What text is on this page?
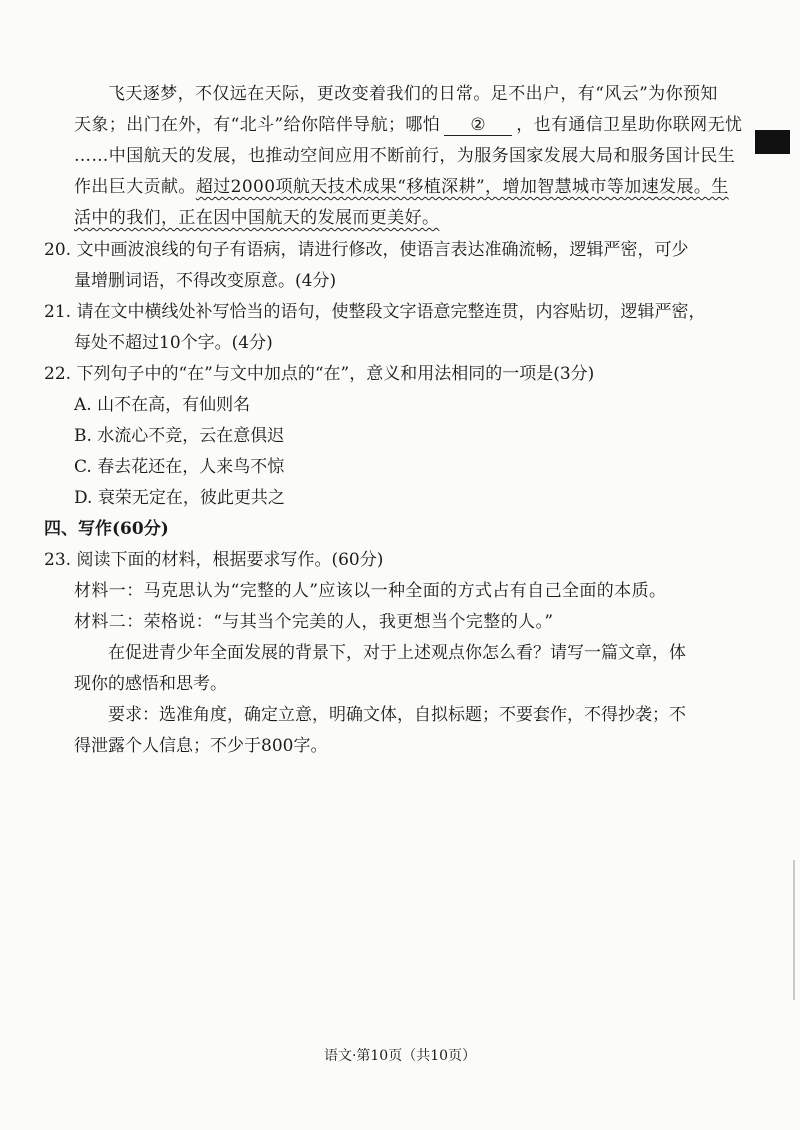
飞天逐梦，不仅远在天际，更改变着我们的日常。足不出户，有“风云”为你预知
天象；出门在外，有“北斗”给你陪伴导航；哪怕 ② ，也有通信卫星助你联网无忧
……中国航天的发展，也推动空间应用不断前行，为服务国家发展大局和服务国计民生
作出巨大贡献。超过2000项航天技术成果“移植深耕”，增加智慧城市等加速发展。生
活中的我们，正在因中国航天的发展而更美好。
20. 文中画波浪线的句子有语病，请进行修改，使语言表达准确流畅，逻辑严密，可少
量增删词语，不得改变原意。(4分)
21. 请在文中横线处补写恰当的语句，使整段文字语意完整连贯，内容贴切，逻辑严密，
每处不超过10个字。(4分)
22. 下列句子中的“在”与文中加点的“在”，意义和用法相同的一项是(3分)
A. 山不在高，有仙则名
B. 水流心不竞，云在意俱迟
C. 春去花还在，人来鸟不惊
D. 衰荣无定在，彼此更共之
四、写作(60分)
23. 阅读下面的材料，根据要求写作。(60分)
材料一：马克思认为“完整的人”应该以一种全面的方式占有自己全面的本质。
材料二：荣格说：“与其当个完美的人，我更想当个完整的人。”
在促进青少年全面发展的背景下，对于上述观点你怎么看？请写一篇文章，体
现你的感悟和思考。
要求：选准角度，确定立意，明确文体，自拟标题；不要套作，不得抄袭；不
得泄露个人信息；不少于800字。
语文·第10页（共10页）
